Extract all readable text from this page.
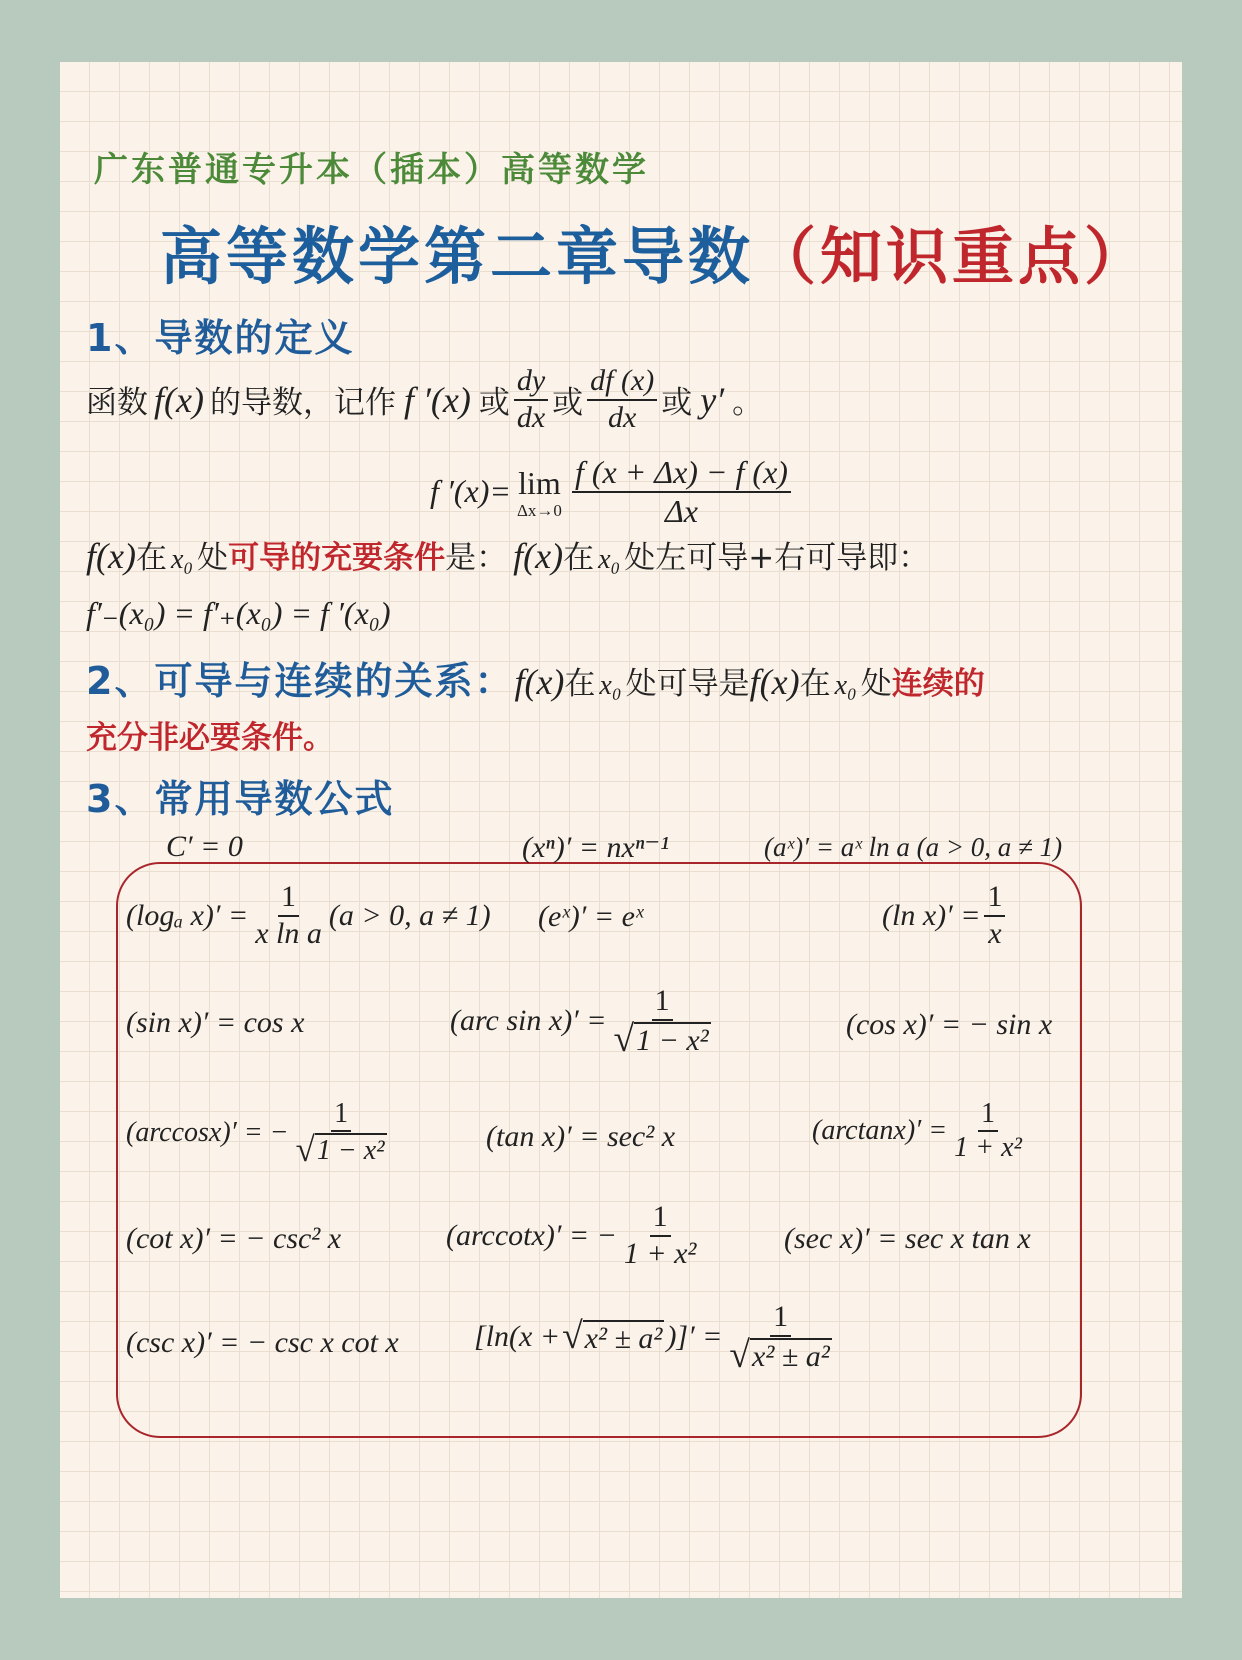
广东普通专升本（插本）高等数学
高等数学第二章导数（知识重点）
1、导数的定义
函数 f(x) 的导数，记作 f ′(x) 或 $\frac{dy}{dx}$ 或 $\frac{df (x)}{dx}$ 或 y′ 。
f ′(x)= lim
$\Delta x\to 0 \frac{f (x + \Delta x) - f (x)}{\Delta x}$
f(x) 在 x₀ 处 可导的充要条件 是： f(x) 在 x₀ 处左可导+右可导即：
f′₋(x₀) = f′₊(x₀) = f ′(x₀)
2、可导与连续的关系： f(x) 在 x₀ 处可导是 f(x) 在 x₀ 处 连续的
充分非必要条件。
3、常用导数公式
C′ = 0	(xⁿ)′ = nxⁿ⁻¹	(aˣ)′ = aˣ ln a (a > 0, a ≠ 1)
(logₐ $x)' = \frac{1}{\text{x ln a}} (a > 0$, a ≠ 1) (eˣ)′ = eˣ	(ln $x)' = \frac{1}{x}$
(sin x)′ = cos x	(arc $\sin x)' = \frac{1}{\text{√ 1 − x²}}$	(cos x)′ = − sin x
(arccosx)′ = − $\frac{1}{\text{√ 1 − x²}}$	(tan x)′ = sec² x	$(\arctan x)' = \frac{1}{\text{1 + x²}}$
(cot x)′ = − csc² x	(arccotx)′ = − $\frac{1}{\text{1 + x²}}$	(sec x)′ = sec x tan x
(csc x)′ = − csc x cot x	[ln(x + √ x² ± a² )]′ = $\frac{1}{\text{√ x² ± a²}}$
